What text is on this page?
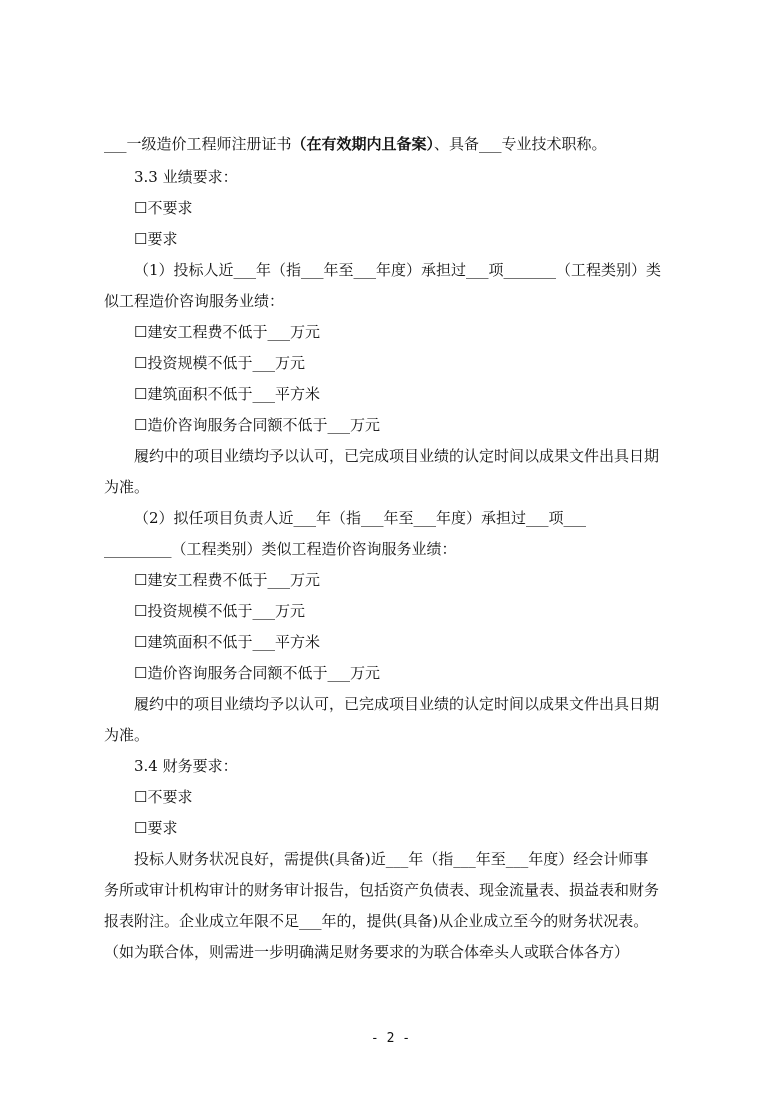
___一级造价工程师注册证书（在有效期内且备案）、具备___专业技术职称。
3.3 业绩要求：
☐不要求
☐要求
（1）投标人近___年（指___年至___年度）承担过___项_______（工程类别）类
似工程造价咨询服务业绩：
☐建安工程费不低于___万元
☐投资规模不低于___万元
☐建筑面积不低于___平方米
☐造价咨询服务合同额不低于___万元
履约中的项目业绩均予以认可，已完成项目业绩的认定时间以成果文件出具日期
为准。
（2）拟任项目负责人近___年（指___年至___年度）承担过___项___
_________（工程类别）类似工程造价咨询服务业绩：
☐建安工程费不低于___万元
☐投资规模不低于___万元
☐建筑面积不低于___平方米
☐造价咨询服务合同额不低于___万元
履约中的项目业绩均予以认可，已完成项目业绩的认定时间以成果文件出具日期
为准。
3.4 财务要求：
☐不要求
☐要求
投标人财务状况良好，需提供(具备)近___年（指___年至___年度）经会计师事
务所或审计机构审计的财务审计报告，包括资产负债表、现金流量表、损益表和财务
报表附注。企业成立年限不足___年的，提供(具备)从企业成立至今的财务状况表。
（如为联合体，则需进一步明确满足财务要求的为联合体牵头人或联合体各方）
- 2 -
